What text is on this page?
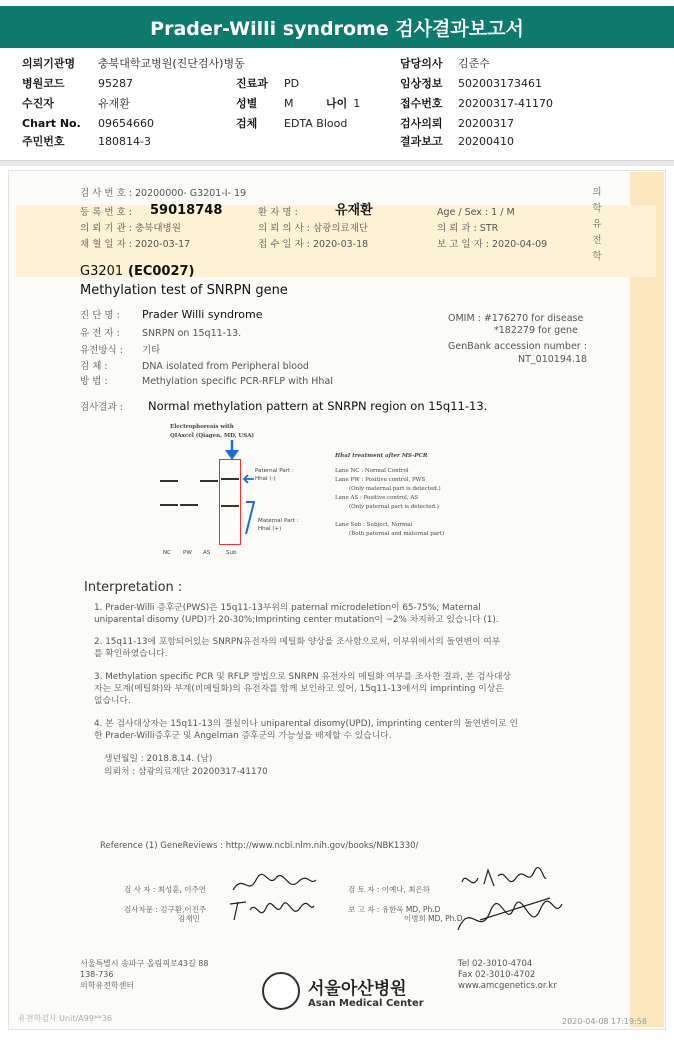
Prader-Willi syndrome 검사결과보고서
의뢰기관명 충북대학교병원(진단검사)병동
병원코드	95287
수진자	유재환
Chart No. 09654660
주민번호	180814-3
진료과 PD
성별 M	나이 1
검체 EDTA Blood
담당의사 김준수
임상정보 502003173461
접수번호 20200317-41170
검사의뢰 20200317
결과보고 20200410
검 사 번 호 : 20200000- G3201-I- 19
등 록 번 호 : 59018748	환 자 명 :	유재환	Age / Sex : 1 / M
의 뢰 기 관 : 충북대병원	의 뢰 의 사 : 삼광의료재단	의 뢰 과 : STR
채 혈 일 자 : 2020-03-17	접 수 일 자 : 2020-03-18	보 고 일 자 : 2020-04-09
의
학
유
전
학
G3201 (EC0027)
Methylation test of SNRPN gene
진 단 명 : Prader Willi syndrome
유 전 자 : SNRPN on 15q11-13.
유전방식 : 기타
검 체 :	DNA isolated from Peripheral blood
방 법 :	Methylation specific PCR-RFLP with HhaI
OMIM : #176270 for disease
*182279 for gene
GenBank accession number :
NT_010194.18
검사결과 : Normal methylation pattern at SNRPN region on 15q11-13.
Electrophoresis with
QIAxcel (Qiagen, MD, USA)
Paternal Part :
HhaI (-)
Maternal Part :
HhaI (+)
NC PW AS	Sub
HhaI treatment after MS-PCR
Lane NC : Normal Control
Lane PW : Positive control, PWS
(Only maternal part is detected.)
Lane AS : Positive control, AS
(Only paternal part is detected.)
Lane Sub : Subject, Normal
(Both paternal and maternal part)
Interpretation :
1. Prader-Willi 증후군(PWS)은 15q11-13부위의 paternal microdeletion이 65-75%; Maternal
uniparental disomy (UPD)가 20-30%;Imprinting center mutation이 ~2% 차지하고 있습니다 (1).
2. 15q11-13에 포함되어있는 SNRPN유전자의 메틸화 양상을 조사함으로써, 이부위에서의 돌연변이 여부
를 확인하였습니다.
3. Methylation specific PCR 및 RFLP 방법으로 SNRPN 유전자의 메틸화 여부를 조사한 결과, 본 검사대상
자는 모계(메틸화)와 부계(비메틸화)의 유전자를 함께 보인하고 있어, 15q11-13에서의 imprinting 이상은
없습니다.
4. 본 검사대상자는 15q11-13의 결실이나 uniparental disomy(UPD), imprinting center의 돌연변이로 인
한 Prader-Willi증후군 및 Angelman 증후군의 가능성을 배제할 수 있습니다.
생년월일 : 2018.8.14. (남)
의뢰처 : 삼광의료재단 20200317-41170
Reference (1) GeneReviews : http://www.ncbi.nlm.nih.gov/books/NBK1330/
검 사 자 : 최성훈, 이주연	검 토 자 : 이예나, 최은하
검사자문 : 김구환,이진주
김재민
보 고 자 : 유한욱 MD, Ph.D
이병희 MD, Ph.D
서울특별시 송파구 올림픽로43길 88
138-736
의학유전학센터	서울아산병원
Asan Medical Center
Tel 02-3010-4704
Fax 02-3010-4702
www.amcgenetics.or.kr
유전학검사 Unit/A99**36	2020-04-08 17:19:58
